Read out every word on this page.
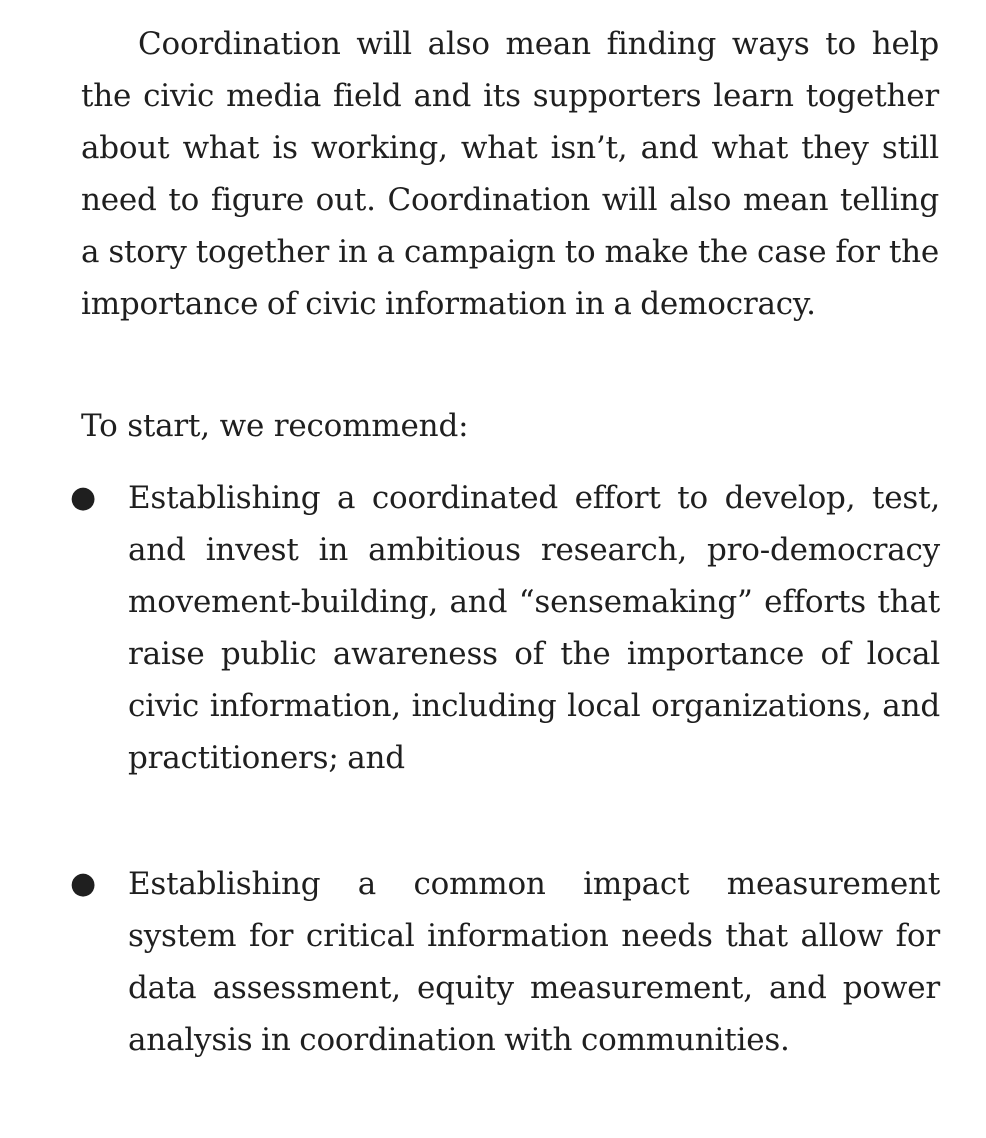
Coordination will also mean finding ways to help the civic media field and its supporters learn together about what is working, what isn’t, and what they still need to figure out. Coordination will also mean telling a story together in a campaign to make the case for the importance of civic information in a democracy.
To start, we recommend:
● Establishing a coordinated effort to develop, test, and invest in ambitious research, pro-democracy movement-building, and “sensemaking” efforts that raise public awareness of the importance of local civic information, including local organizations, and practitioners; and
● Establishing a common impact measurement system for critical information needs that allow for data assessment, equity measurement, and power analysis in coordination with communities.
